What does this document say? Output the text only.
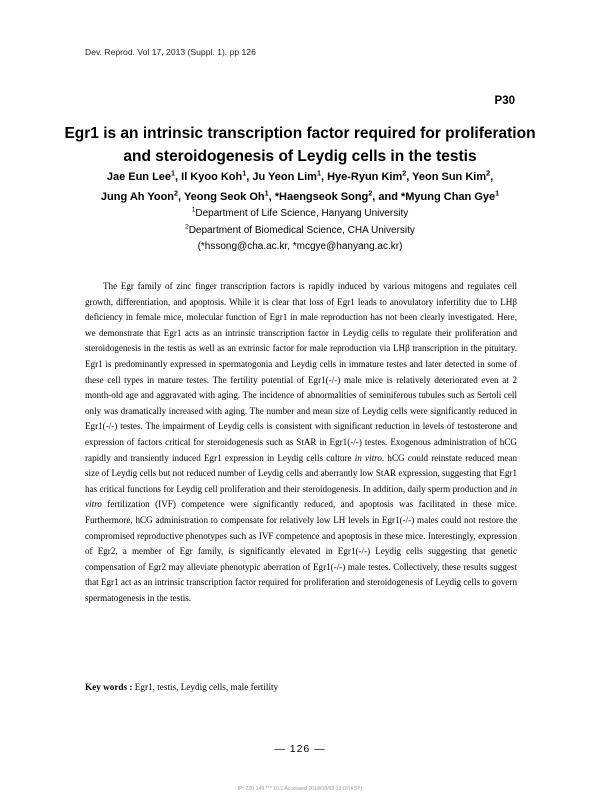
Dev. Reprod. Vol 17, 2013 (Suppl. 1). pp 126
P30
Egr1 is an intrinsic transcription factor required for proliferation
and steroidogenesis of Leydig cells in the testis
Jae Eun Lee$^1$, Il Kyoo Koh$^1$, Ju Yeon Lim$^1$, Hye-Ryun Kim$^2$, Yeon Sun Kim$^2$,
Jung Ah Yoon$^2$, Yeong Seok Oh$^1$, *Haengseok Song$^2$, and *Myung Chan Gye$^1$
$^1$Department of Life Science, Hanyang University
$^2$Department of Biomedical Science, CHA University
(*hssong@cha.ac.kr, *mcgye@hanyang.ac.kr)

The Egr family of zinc finger transcription factors is rapidly induced by various mitogens and regulates cell growth, differentiation, and apoptosis. While it is clear that loss of Egr1 leads to anovulatory infertility due to LHβ deficiency in female mice, molecular function of Egr1 in male reproduction has not been clearly investigated. Here, we demonstrate that Egr1 acts as an intrinsic transcription factor in Leydig cells to regulate their proliferation and steroidogenesis in the testis as well as an extrinsic factor for male reproduction via LHβ transcription in the pituitary. Egr1 is predominantly expressed in spermatogonia and Leydig cells in immature testes and later detected in some of these cell types in mature testes. The fertility potential of Egr1(-/-) male mice is relatively deteriorated even at 2 month-old age and aggravated with aging. The incidence of abnormalities of seminiferous tubules such as Sertoli cell only was dramatically increased with aging. The number and mean size of Leydig cells were significantly reduced in Egr1(-/-) testes. The impairment of Leydig cells is consistent with significant reduction in levels of testosterone and expression of factors critical for steroidogenesis such as StAR in Egr1(-/-) testes. Exogenous administration of hCG rapidly and transiently induced Egr1 expression in Leydig cells culture in vitro. hCG could reinstate reduced mean size of Leydig cells but not reduced number of Leydig cells and aberrantly low StAR expression, suggesting that Egr1 has critical functions for Leydig cell proliferation and their steroidogenesis. In addition, daily sperm production and in vitro fertilization (IVF) competence were significantly reduced, and apoptosis was facilitated in these mice. Furthermore, hCG administration to compensate for relatively low LH levels in Egr1(-/-) males could not restore the compromised reproductive phenotypes such as IVF competence and apoptosis in these mice. Interestingly, expression of Egr2, a member of Egr family, is significantly elevated in Egr1(-/-) Leydig cells suggesting that genetic compensation of Egr2 may alleviate phenotypic aberration of Egr1(-/-) male testes. Collectively, these results suggest that Egr1 act as an intrinsic transcription factor required for proliferation and steroidogenesis of Leydig cells to govern spermatogenesis in the testis.

Key words : Egr1, testis, Leydig cells, male fertility
— 126 —
IP: 220.149.*** 10.1 Accessed 2018/08/02 13:07(KST)
